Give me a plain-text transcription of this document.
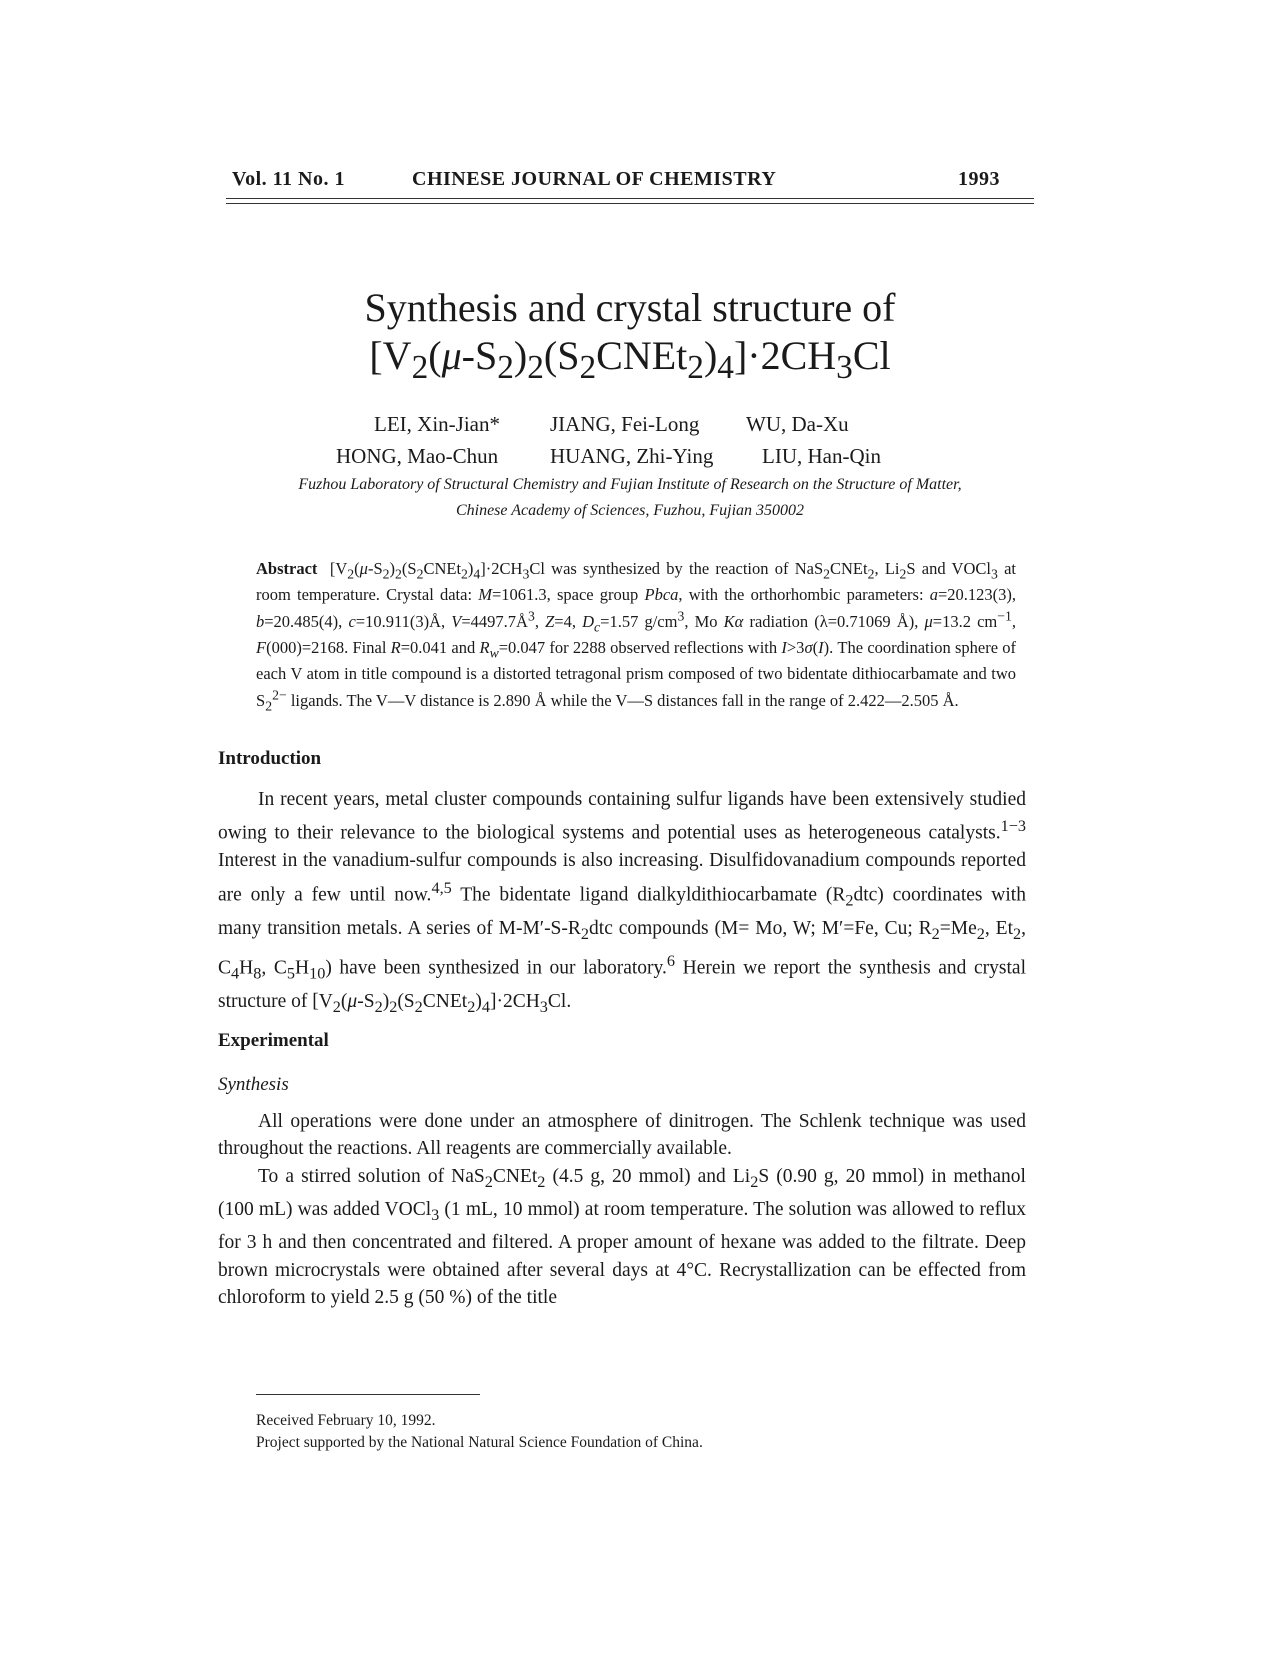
Vol. 11 No. 1	CHINESE JOURNAL OF CHEMISTRY	1993
Synthesis and crystal structure of
$[V_2(\mu-S_2)_2(S_2CNEt_2)_4]\cdot 2CH_3Cl$
LEI, Xin-Jian* JIANG, Fei-Long WU, Da-Xu
HONG, Mao-Chun HUANG, Zhi-Ying LIU, Han-Qin
Fuzhou Laboratory of Structural Chemistry and Fujian Institute of Research on the Structure of Matter,
Chinese Academy of Sciences, Fuzhou, Fujian 350002
Abstract $[V_2(\mu-S_2)_2(S_2CNEt_2)_4]\cdot 2CH_3Cl$ was synthesized by the reaction of NaS$_2$CNEt$_2$, $Li_2S$ and VOCl$_3$ at room temperature. Crystal data: M=1061.3, space group Pbca, with the orthorhombic parameters: a=20.123(3), b=20.485(4), c=10.911(3)Å, $V=4497.7Å^3$, Z=4, $D_c=1.57$ $g/cm^3$, Mo Kα radiation (λ=0.71069 Å), μ=13.2 $cm^{-1}$, F(000)=2168. Final R=0.041 and $R_w=0.047$ for 2288 observed reflections with I>3σ(I). The coordination sphere of each V atom in title compound is a distorted tetragonal prism composed of two bidentate dithiocarbamate and two $S_2^{2-}$ ligands. The V—V distance is 2.890 Å while the V—S distances fall in the range of 2.422—2.505 Å.
Introduction

In recent years, metal cluster compounds containing sulfur ligands have been extensively studied owing to their relevance to the biological systems and potential uses as heterogeneous catalysts.$^{1-3}$ Interest in the vanadium-sulfur compounds is also increasing. Disulfidovanadium compounds reported are only a few until now.$^{4,5}$ The bidentate ligand dialkyldithiocarbamate $(R_2dtc)$ coordinates with many transition metals. A series of $M-M'-S-R_2dtc$ compounds (M= Mo, W; M′=Fe, Cu; $R_2=Me_2$, $Et_2$, $C_4H_8$, $C_5H_{10}$) have been synthesized in our laboratory.$^6$ Herein we report the synthesis and crystal structure of $[V_2(\mu-S_2)_2(S_2CNEt_2)_4]\cdot 2CH_3Cl$.

Experimental
Synthesis

All operations were done under an atmosphere of dinitrogen. The Schlenk technique was used throughout the reactions. All reagents are commercially available.

To a stirred solution of NaS$_2$CNEt$_2$ (4.5 g, 20 mmol) and $Li_2S$ (0.90 g, 20 mmol) in methanol (100 mL) was added VOCl$_3$ (1 mL, 10 mmol) at room temperature. The solution was allowed to reflux for 3 h and then concentrated and filtered. A proper amount of hexane was added to the filtrate. Deep brown microcrystals were obtained after several days at 4°C. Recrystallization can be effected from chloroform to yield 2.5 g (50 %) of the title

Received February 10, 1992.
Project supported by the National Natural Science Foundation of China.
